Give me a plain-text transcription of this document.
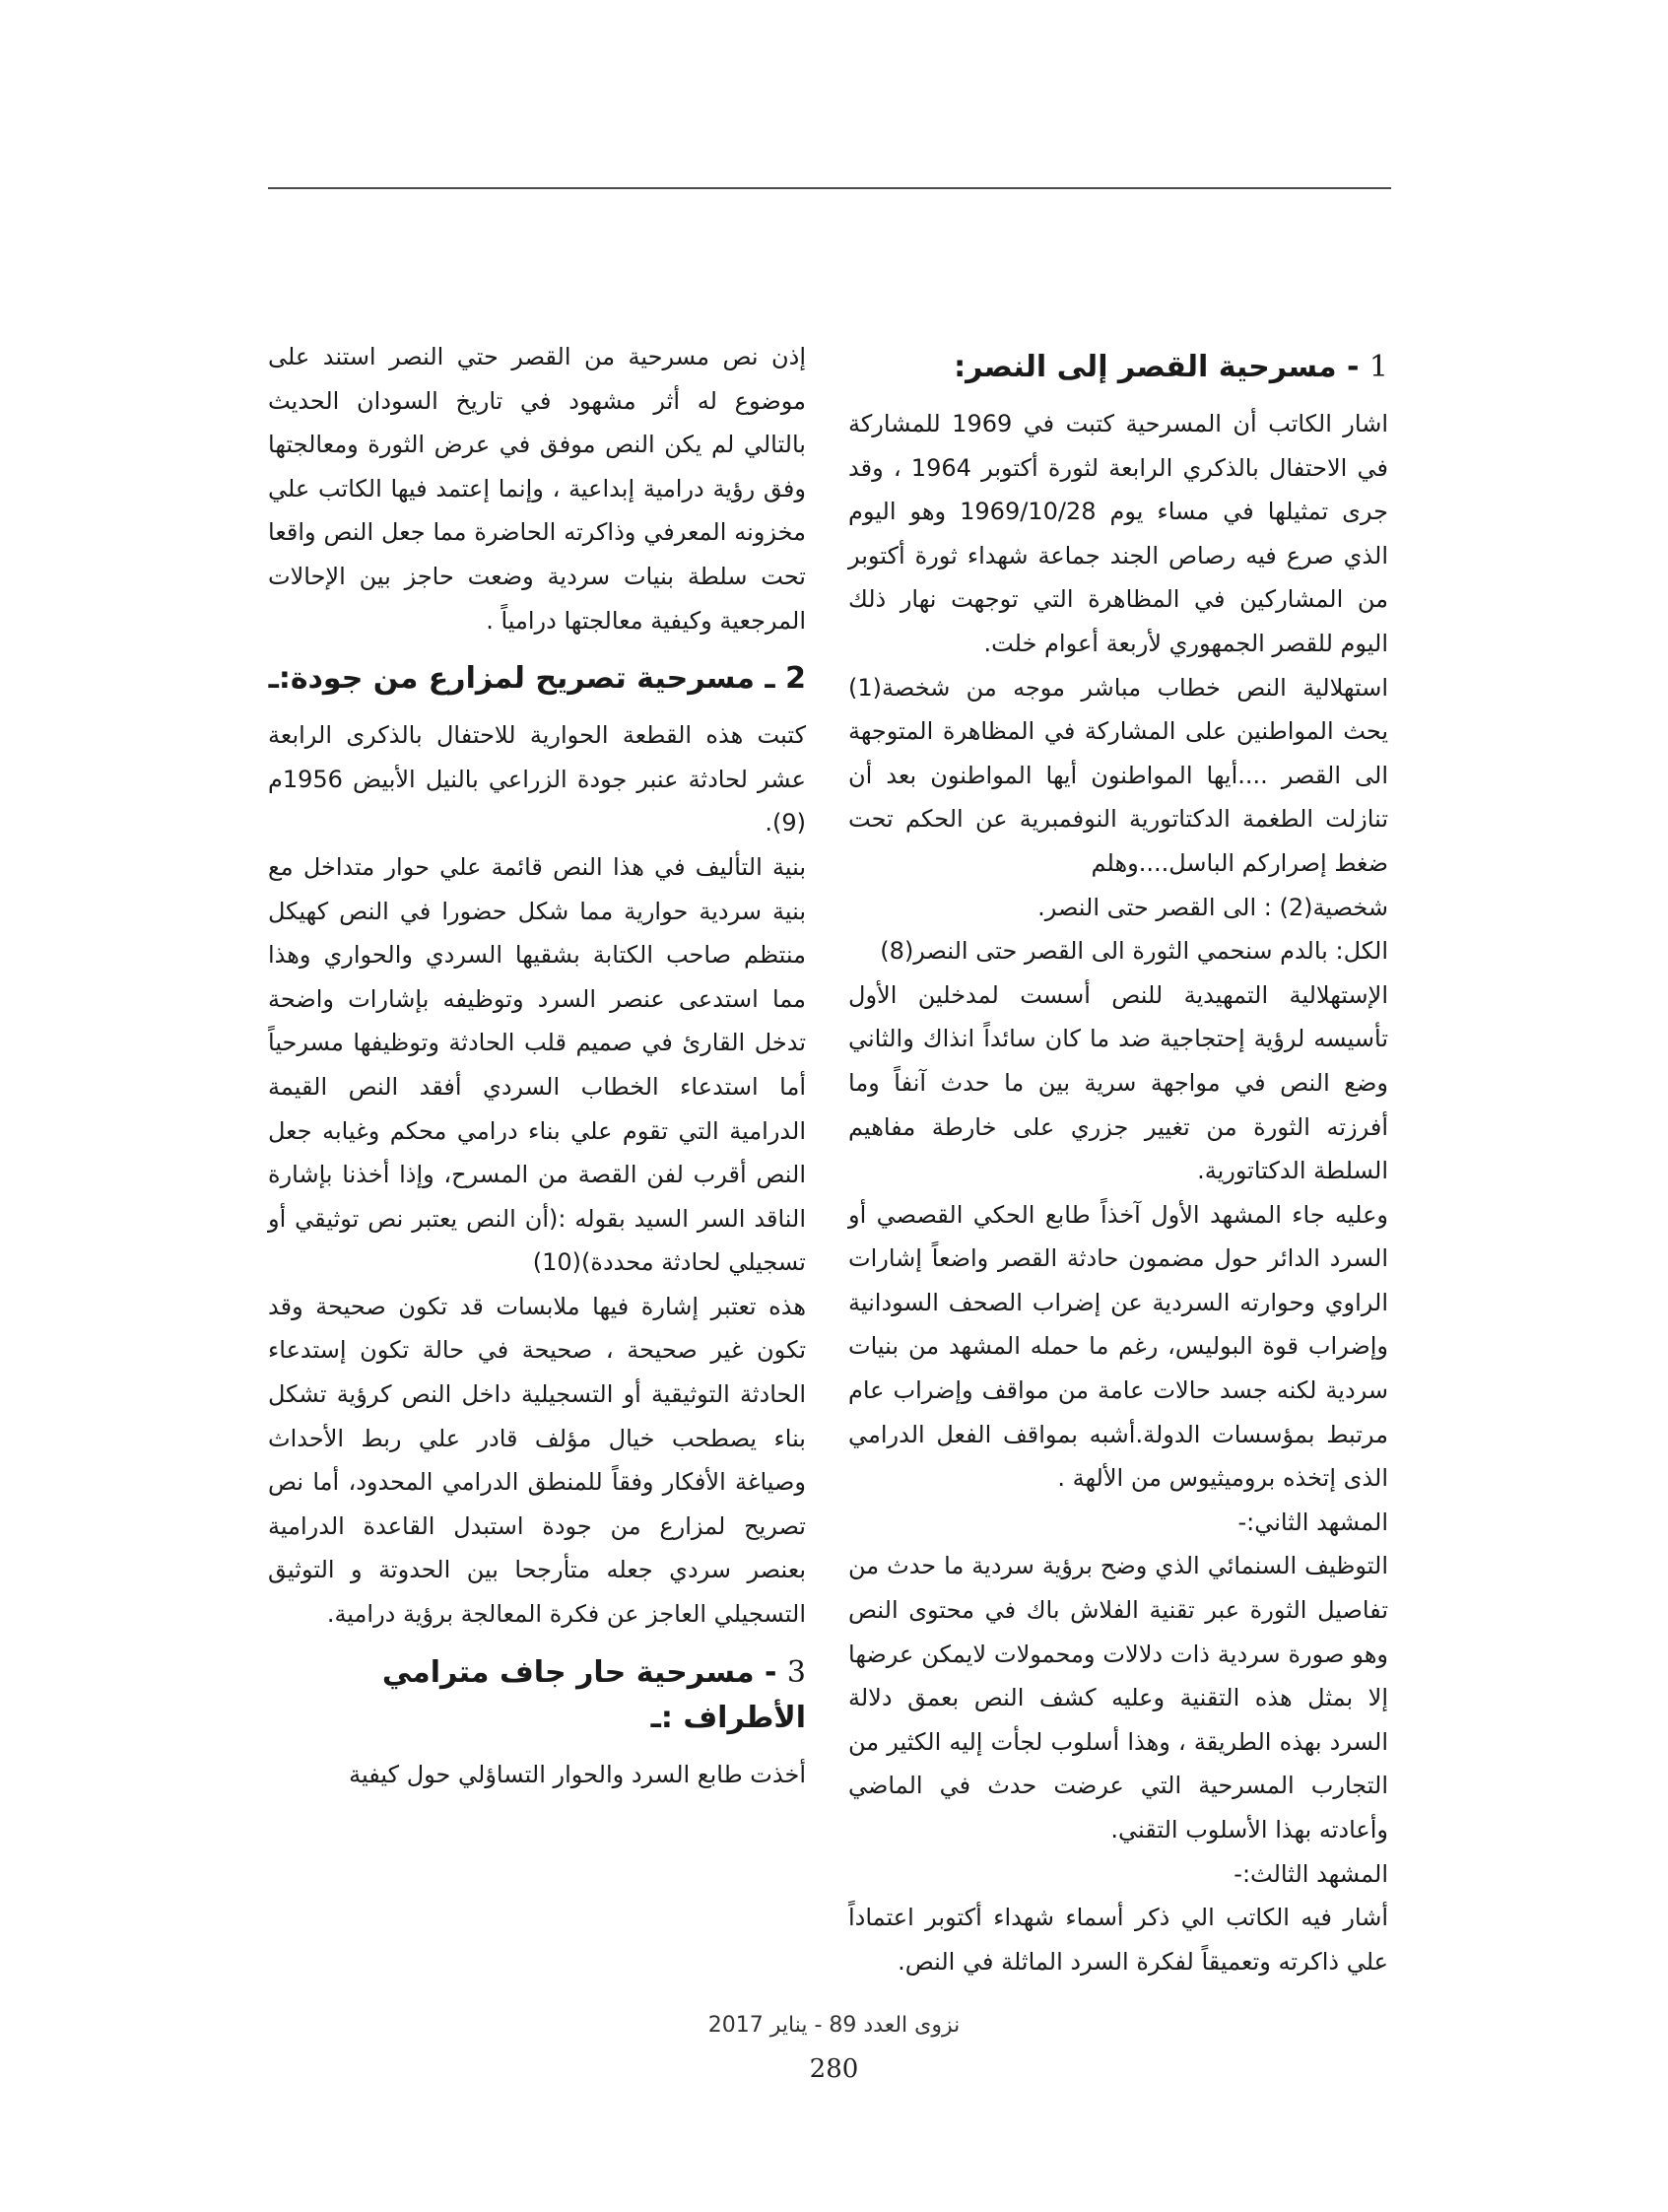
1 - مسرحية القصر إلى النصر:

اشار الكاتب أن المسرحية كتبت في 1969 للمشاركة في الاحتفال بالذكري الرابعة لثورة أكتوبر 1964 ، وقد جرى تمثيلها في مساء يوم 1969/10/28 وهو اليوم الذي صرع فيه رصاص الجند جماعة شهداء ثورة أكتوبر من المشاركين في المظاهرة التي توجهت نهار ذلك اليوم للقصر الجمهوري لأربعة أعوام خلت.

استهلالية النص خطاب مباشر موجه من شخصة(1) يحث المواطنين على المشاركة في المظاهرة المتوجهة الى القصر ....أيها المواطنون أيها المواطنون بعد أن تنازلت الطغمة الدكتاتورية النوفمبرية عن الحكم تحت ضغط إصراركم الباسل....وهلم

شخصية(2) : الى القصر حتى النصر.

الكل: بالدم سنحمي الثورة الى القصر حتى النصر(8)

الإستهلالية التمهيدية للنص أسست لمدخلين الأول تأسيسه لرؤية إحتجاجية ضد ما كان سائداً انذاك والثاني وضع النص في مواجهة سرية بين ما حدث آنفاً وما أفرزته الثورة من تغيير جزري على خارطة مفاهيم السلطة الدكتاتورية.

وعليه جاء المشهد الأول آخذاً طابع الحكي القصصي أو السرد الدائر حول مضمون حادثة القصر واضعاً إشارات الراوي وحوارته السردية عن إضراب الصحف السودانية وإضراب قوة البوليس، رغم ما حمله المشهد من بنيات سردية لكنه جسد حالات عامة من مواقف وإضراب عام مرتبط بمؤسسات الدولة.أشبه بمواقف الفعل الدرامي الذى إتخذه بروميثيوس من الألهة .

المشهد الثاني:-

التوظيف السنمائي الذي وضح برؤية سردية ما حدث من تفاصيل الثورة عبر تقنية الفلاش باك في محتوى النص وهو صورة سردية ذات دلالات ومحمولات لايمكن عرضها إلا بمثل هذه التقنية وعليه كشف النص بعمق دلالة السرد بهذه الطريقة ، وهذا أسلوب لجأت إليه الكثير من التجارب المسرحية التي عرضت حدث في الماضي وأعادته بهذا الأسلوب التقني.

المشهد الثالث:-

أشار فيه الكاتب الي ذكر أسماء شهداء أكتوبر اعتماداً علي ذاكرته وتعميقاً لفكرة السرد الماثلة في النص.

إذن نص مسرحية من القصر حتي النصر استند على موضوع له أثر مشهود في تاريخ السودان الحديث بالتالي لم يكن النص موفق في عرض الثورة ومعالجتها وفق رؤية درامية إبداعية ، وإنما إعتمد فيها الكاتب علي مخزونه المعرفي وذاكرته الحاضرة مما جعل النص واقعا تحت سلطة بنيات سردية وضعت حاجز بين الإحالات المرجعية وكيفية معالجتها درامياً .

2 ـ مسرحية تصريح لمزارع من جودة:ـ

كتبت هذه القطعة الحوارية للاحتفال بالذكرى الرابعة عشر لحادثة عنبر جودة الزراعي بالنيل الأبيض 1956م (9).

بنية التأليف في هذا النص قائمة علي حوار متداخل مع بنية سردية حوارية مما شكل حضورا في النص كهيكل منتظم صاحب الكتابة بشقيها السردي والحواري وهذا مما استدعى عنصر السرد وتوظيفه بإشارات واضحة تدخل القارئ في صميم قلب الحادثة وتوظيفها مسرحياً أما استدعاء الخطاب السردي أفقد النص القيمة الدرامية التي تقوم علي بناء درامي محكم وغيابه جعل النص أقرب لفن القصة من المسرح، وإذا أخذنا بإشارة الناقد السر السيد بقوله :(أن النص يعتبر نص توثيقي أو تسجيلي لحادثة محددة)(10)

هذه تعتبر إشارة فيها ملابسات قد تكون صحيحة وقد تكون غير صحيحة ، صحيحة في حالة تكون إستدعاء الحادثة التوثيقية أو التسجيلية داخل النص كرؤية تشكل بناء يصطحب خيال مؤلف قادر علي ربط الأحداث وصياغة الأفكار وفقاً للمنطق الدرامي المحدود، أما نص تصريح لمزارع من جودة استبدل القاعدة الدرامية بعنصر سردي جعله متأرجحا بين الحدوتة و التوثيق التسجيلي العاجز عن فكرة المعالجة برؤية درامية.

3 - مسرحية حار جاف مترامي الأطراف :ـ

أخذت طابع السرد والحوار التساؤلي حول كيفية

نزوى العدد 89 - يناير 2017
280
